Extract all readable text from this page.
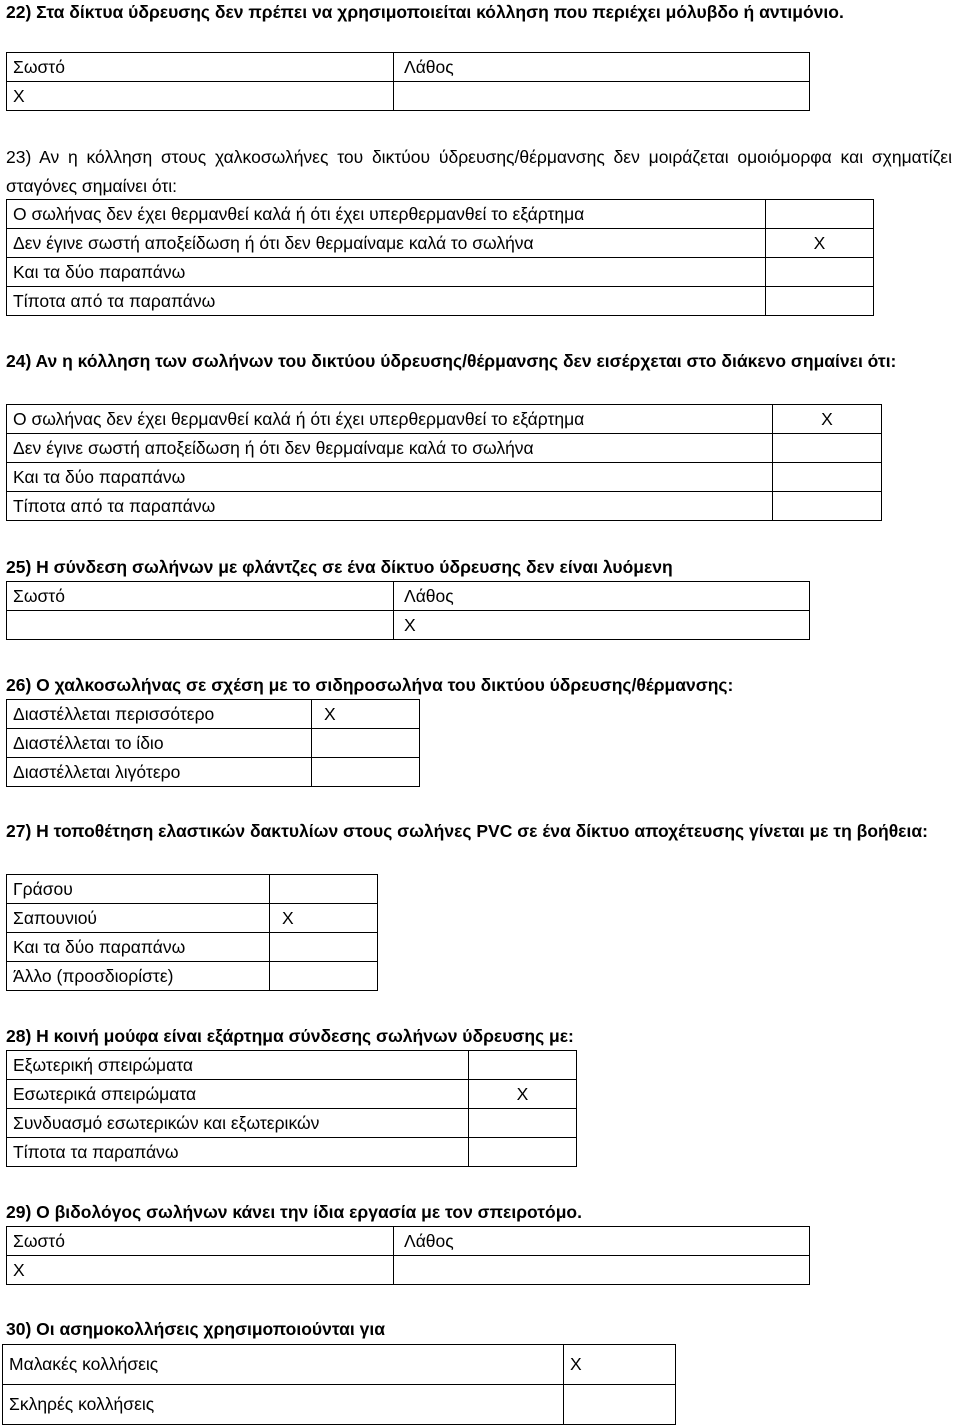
22) Στα δίκτυα ύδρευσης δεν πρέπει να χρησιμοποιείται κόλληση που περιέχει μόλυβδο ή αντιμόνιο.
Σωστό	Λάθος
X	
23) Αν η κόλληση στους χαλκοσωλήνες του δικτύου ύδρευσης/θέρμανσης δεν μοιράζεται ομοιόμορφα και σχηματίζει σταγόνες σημαίνει ότι:
Ο σωλήνας δεν έχει θερμανθεί καλά ή ότι έχει υπερθερμανθεί το εξάρτημα	
Δεν έγινε σωστή αποξείδωση ή ότι δεν θερμαίναμε καλά το σωλήνα	X
Και τα δύο παραπάνω	
Τίποτα από τα παραπάνω	
24) Αν η κόλληση των σωλήνων του δικτύου ύδρευσης/θέρμανσης δεν εισέρχεται στο διάκενο σημαίνει ότι:
Ο σωλήνας δεν έχει θερμανθεί καλά ή ότι έχει υπερθερμανθεί το εξάρτημα	X
Δεν έγινε σωστή αποξείδωση ή ότι δεν θερμαίναμε καλά το σωλήνα	
Και τα δύο παραπάνω	
Τίποτα από τα παραπάνω	
25) Η σύνδεση σωλήνων με φλάντζες σε ένα δίκτυο ύδρευσης δεν είναι λυόμενη
Σωστό	Λάθος
	X
26) Ο χαλκοσωλήνας σε σχέση με το σιδηροσωλήνα του δικτύου ύδρευσης/θέρμανσης:
Διαστέλλεται περισσότερο	X
Διαστέλλεται το ίδιο	
Διαστέλλεται λιγότερο	
27) Η τοποθέτηση ελαστικών δακτυλίων στους σωλήνες PVC σε ένα δίκτυο αποχέτευσης γίνεται με τη βοήθεια:
Γράσου	
Σαπουνιού	X
Και τα δύο παραπάνω	
Άλλο (προσδιορίστε)	
28) Η κοινή μούφα είναι εξάρτημα σύνδεσης σωλήνων ύδρευσης με:
Εξωτερική σπειρώματα	
Εσωτερικά σπειρώματα	X
Συνδυασμό εσωτερικών και εξωτερικών	
Τίποτα τα παραπάνω	
29) Ο βιδολόγος σωλήνων κάνει την ίδια εργασία με τον σπειροτόμο.
Σωστό	Λάθος
X	
30) Οι ασημοκολλήσεις χρησιμοποιούνται για
Μαλακές κολλήσεις	X
Σκληρές κολλήσεις	
